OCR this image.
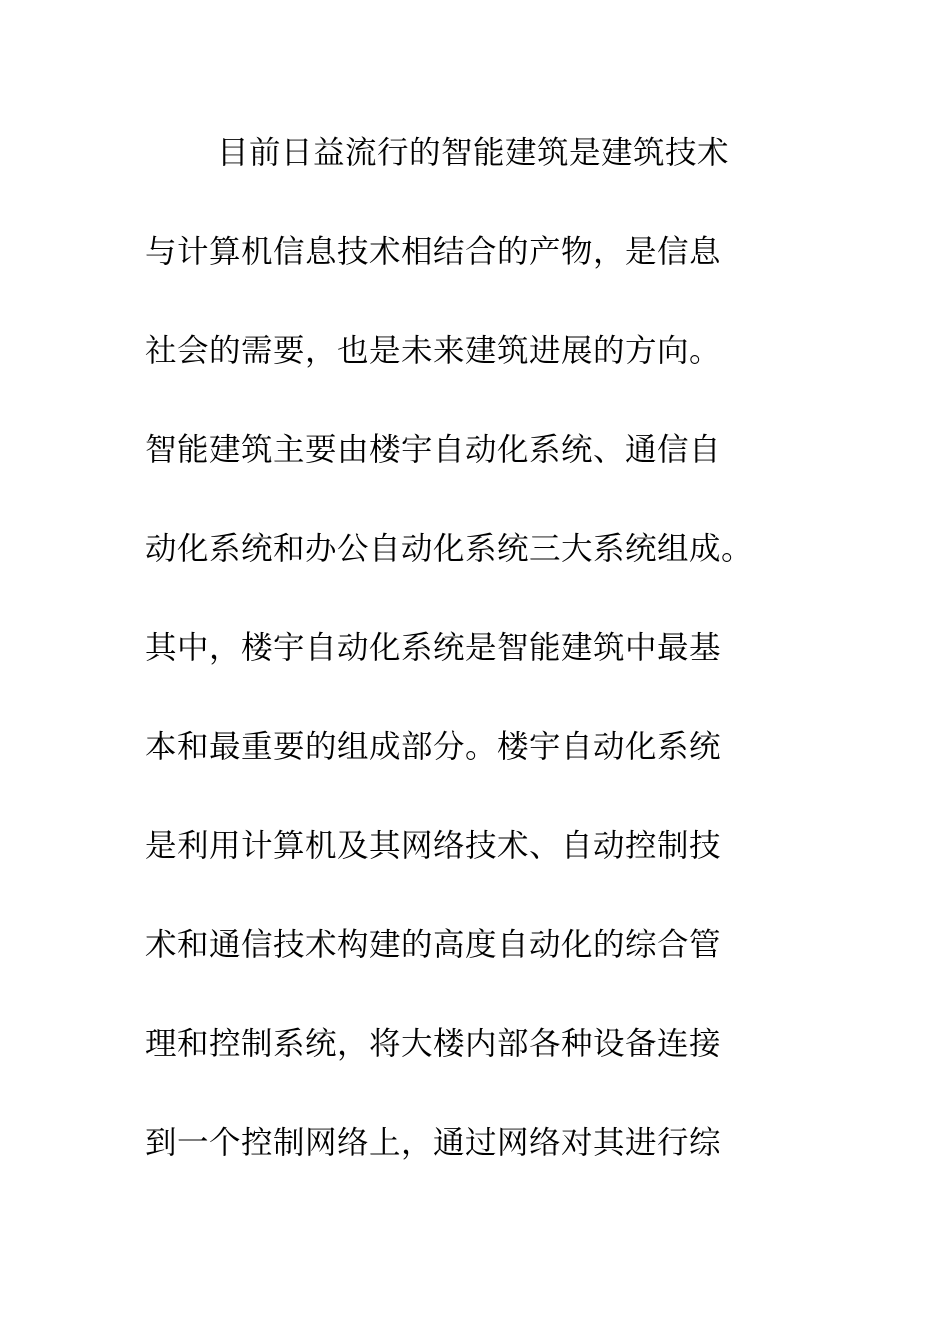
目前日益流行的智能建筑是建筑技术
与计算机信息技术相结合的产物，是信息
社会的需要，也是未来建筑进展的方向。
智能建筑主要由楼宇自动化系统、通信自
动化系统和办公自动化系统三大系统组成。
其中，楼宇自动化系统是智能建筑中最基
本和最重要的组成部分。楼宇自动化系统
是利用计算机及其网络技术、自动控制技
术和通信技术构建的高度自动化的综合管
理和控制系统，将大楼内部各种设备连接
到一个控制网络上，通过网络对其进行综
